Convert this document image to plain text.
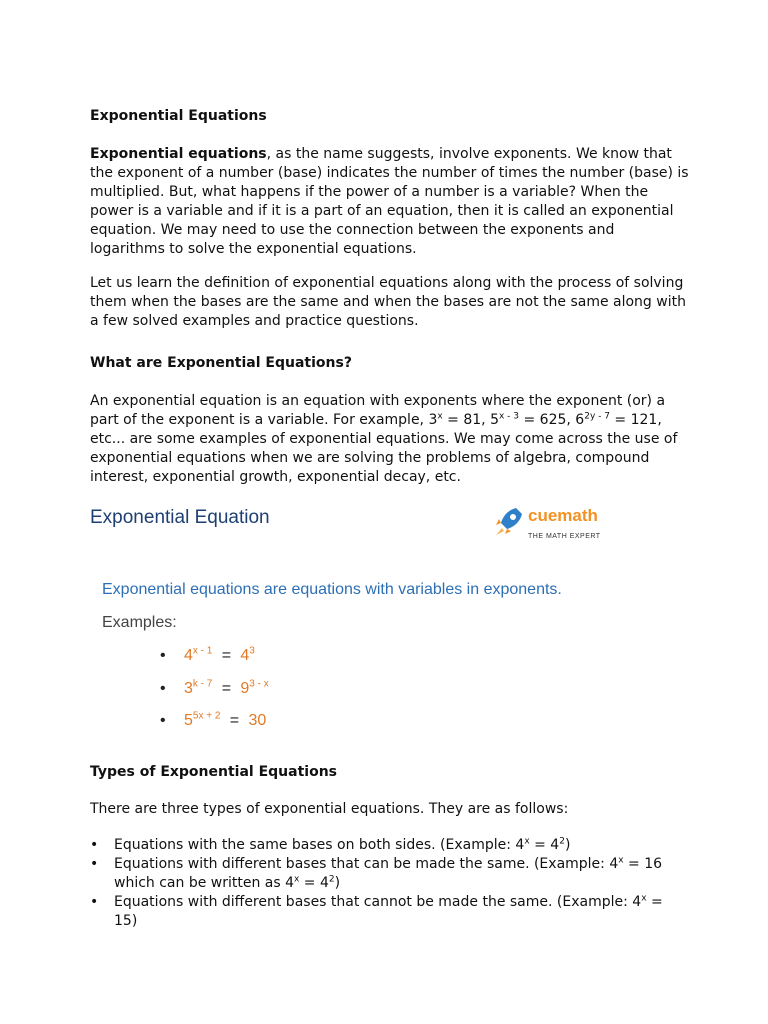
Exponential Equations

Exponential equations, as the name suggests, involve exponents. We know that the exponent of a number (base) indicates the number of times the number (base) is multiplied. But, what happens if the power of a number is a variable? When the power is a variable and if it is a part of an equation, then it is called an exponential equation. We may need to use the connection between the exponents and logarithms to solve the exponential equations.

Let us learn the definition of exponential equations along with the process of solving them when the bases are the same and when the bases are not the same along with a few solved examples and practice questions.

What are Exponential Equations?

An exponential equation is an equation with exponents where the exponent (or) a part of the exponent is a variable. For example, $3^x = 81$, $5^{x - 3} = 625$, $6^{2y - 7} = 121$, etc... are some examples of exponential equations. We may come across the use of exponential equations when we are solving the problems of algebra, compound
interest, exponential growth, exponential decay, etc.

Exponential Equation	cuemath
THE MATH EXPERT
Exponential equations are equations with variables in exponents.
Examples:
• $4^{x - 1} = 4^3$
• $3^{k - 7} = 9^{3 - x}$
• $5^{5x + 2} = 30$
Types of Exponential Equations

There are three types of exponential equations. They are as follows:

• Equations with the same bases on both sides. (Example: $4^x = 4^2$)
• Equations with different bases that can be made the same. (Example: $4^x = 16$ which can be written as $4^x = 4^2$)
• Equations with different bases that cannot be made the same. (Example: $4^x = 15$)
